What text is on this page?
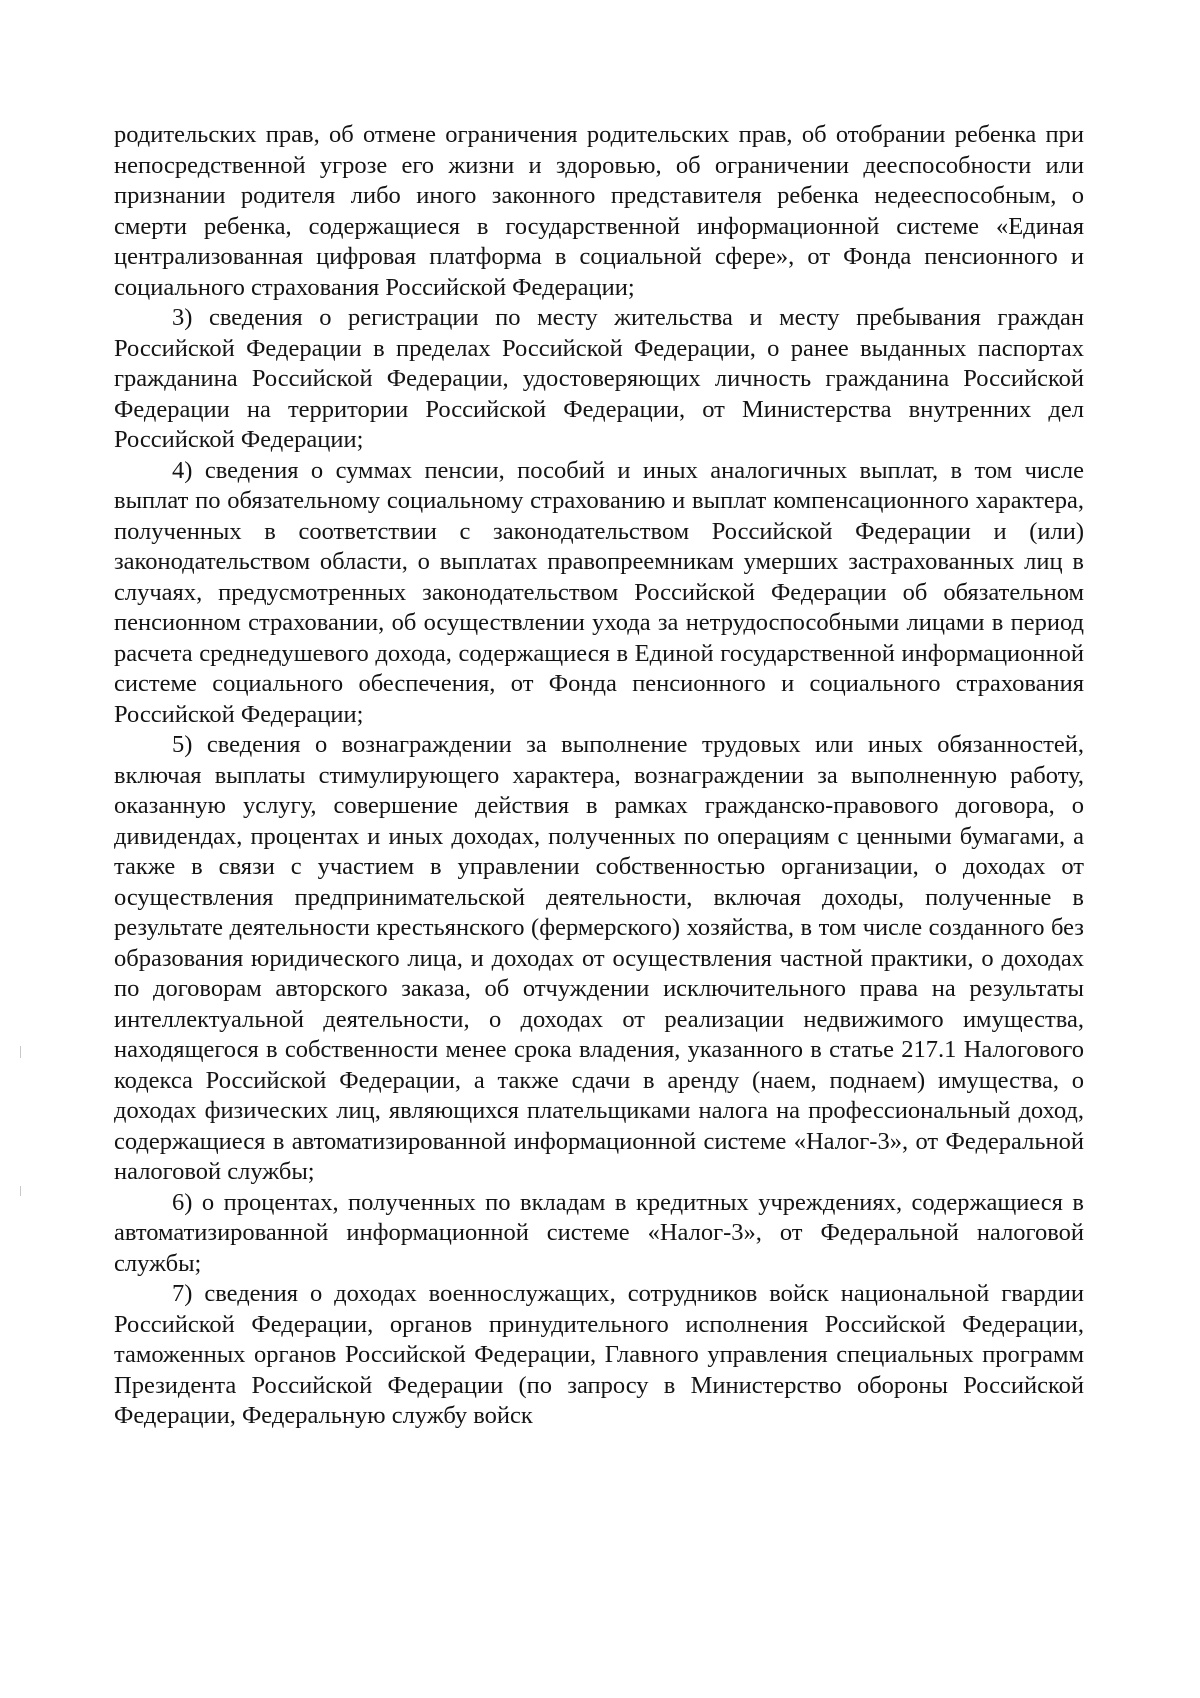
родительских прав, об отмене ограничения родительских прав, об отобрании ребенка при непосредственной угрозе его жизни и здоровью, об ограничении дееспособности или признании родителя либо иного законного представителя ребенка недееспособным, о смерти ребенка, содержащиеся в государственной информационной системе «Единая централизованная цифровая платформа в социальной сфере», от Фонда пенсионного и социального страхования Российской Федерации;

3) сведения о регистрации по месту жительства и месту пребывания граждан Российской Федерации в пределах Российской Федерации, о ранее выданных паспортах гражданина Российской Федерации, удостоверяющих личность гражданина Российской Федерации на территории Российской Федерации, от Министерства внутренних дел Российской Федерации;

4) сведения о суммах пенсии, пособий и иных аналогичных выплат, в том числе выплат по обязательному социальному страхованию и выплат компенсационного характера, полученных в соответствии с законодательством Российской Федерации и (или) законодательством области, о выплатах правопреемникам умерших застрахованных лиц в случаях, предусмотренных законодательством Российской Федерации об обязательном пенсионном страховании, об осуществлении ухода за нетрудоспособными лицами в период расчета среднедушевого дохода, содержащиеся в Единой государственной информационной системе социального обеспечения, от Фонда пенсионного и социального страхования Российской Федерации;

5) сведения о вознаграждении за выполнение трудовых или иных обязанностей, включая выплаты стимулирующего характера, вознаграждении за выполненную работу, оказанную услугу, совершение действия в рамках гражданско-правового договора, о дивидендах, процентах и иных доходах, полученных по операциям с ценными бумагами, а также в связи с участием в управлении собственностью организации, о доходах от осуществления предпринимательской деятельности, включая доходы, полученные в результате деятельности крестьянского (фермерского) хозяйства, в том числе созданного без образования юридического лица, и доходах от осуществления частной практики, о доходах по договорам авторского заказа, об отчуждении исключительного права на результаты интеллектуальной деятельности, о доходах от реализации недвижимого имущества, находящегося в собственности менее срока владения, указанного в статье 217.1 Налогового кодекса Российской Федерации, а также сдачи в аренду (наем, поднаем) имущества, о доходах физических лиц, являющихся плательщиками налога на профессиональный доход, содержащиеся в автоматизированной информационной системе «Налог-3», от Федеральной налоговой службы;

6) о процентах, полученных по вкладам в кредитных учреждениях, содержащиеся в автоматизированной информационной системе «Налог-3», от Федеральной налоговой службы;

7) сведения о доходах военнослужащих, сотрудников войск национальной гвардии Российской Федерации, органов принудительного исполнения Российской Федерации, таможенных органов Российской Федерации, Главного управления специальных программ Президента Российской Федерации (по запросу в Министерство обороны Российской Федерации, Федеральную службу войск
